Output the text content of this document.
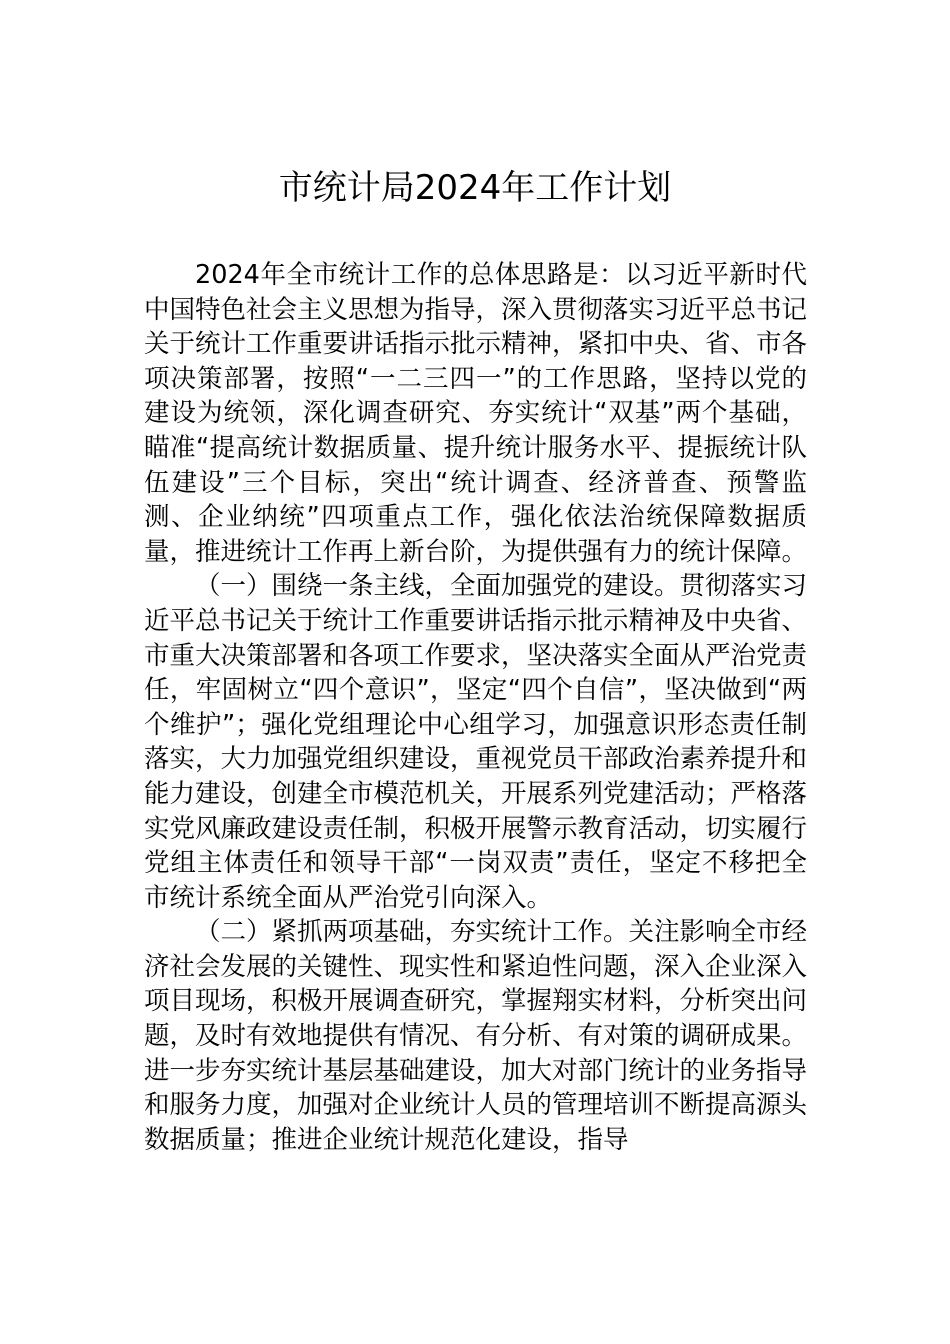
市统计局2024年工作计划

2024年全市统计工作的总体思路是：以习近平新时代中国特色社会主义思想为指导，深入贯彻落实习近平总书记关于统计工作重要讲话指示批示精神，紧扣中央、省、市各项决策部署，按照“一二三四一”的工作思路，坚持以党的建设为统领，深化调查研究、夯实统计“双基”两个基础，瞄准“提高统计数据质量、提升统计服务水平、提振统计队伍建设”三个目标，突出“统计调查、经济普查、预警监测、企业纳统”四项重点工作，强化依法治统保障数据质量，推进统计工作再上新台阶，为提供强有力的统计保障。

（一）围绕一条主线，全面加强党的建设。贯彻落实习近平总书记关于统计工作重要讲话指示批示精神及中央省、市重大决策部署和各项工作要求，坚决落实全面从严治党责任，牢固树立“四个意识”，坚定“四个自信”，坚决做到“两个维护”；强化党组理论中心组学习，加强意识形态责任制落实，大力加强党组织建设，重视党员干部政治素养提升和能力建设，创建全市模范机关，开展系列党建活动；严格落实党风廉政建设责任制，积极开展警示教育活动，切实履行党组主体责任和领导干部“一岗双责”责任，坚定不移把全市统计系统全面从严治党引向深入。

（二）紧抓两项基础，夯实统计工作。关注影响全市经济社会发展的关键性、现实性和紧迫性问题，深入企业深入项目现场，积极开展调查研究，掌握翔实材料，分析突出问题，及时有效地提供有情况、有分析、有对策的调研成果。进一步夯实统计基层基础建设，加大对部门统计的业务指导和服务力度，加强对企业统计人员的管理培训不断提高源头数据质量；推进企业统计规范化建设，指导
